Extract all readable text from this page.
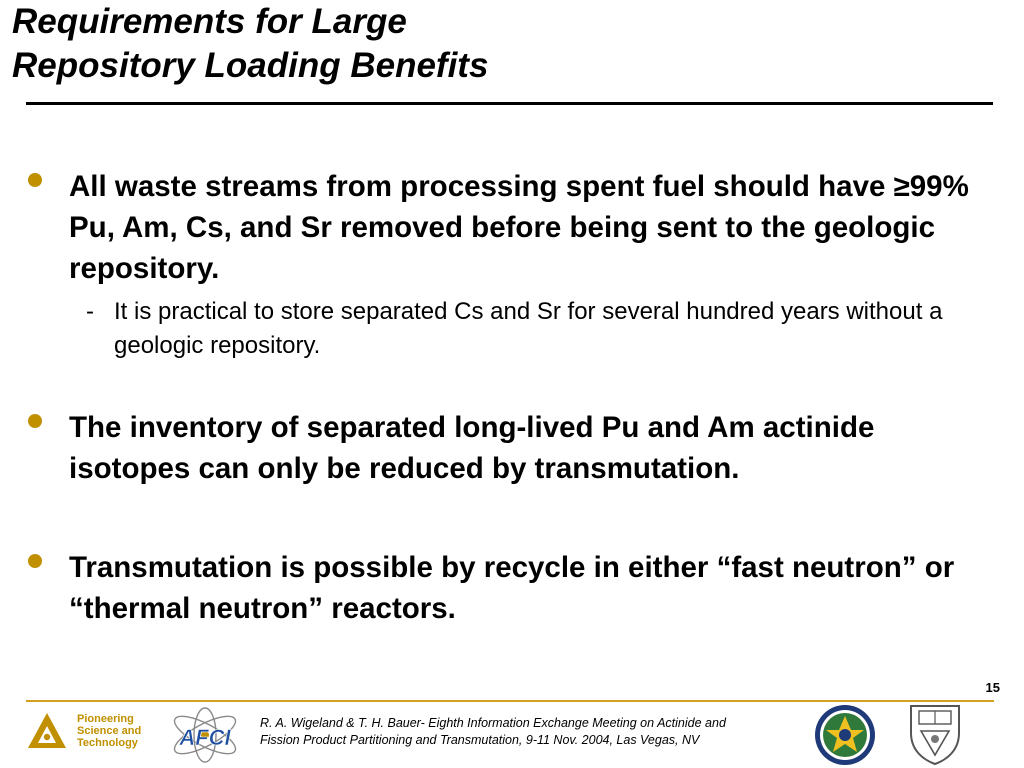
Requirements for Large
Repository Loading Benefits
All waste streams from processing spent fuel should have ≥99% Pu, Am, Cs, and Sr removed before being sent to the geologic repository.
- It is practical to store separated Cs and Sr for several hundred years without a geologic repository.
The inventory of separated long-lived Pu and Am actinide isotopes can only be reduced by transmutation.
Transmutation is possible by recycle in either “fast neutron” or “thermal neutron” reactors.
15
Pioneering
Science and
Technology	AFCI
R. A. Wigeland & T. H. Bauer- Eighth Information Exchange Meeting on Actinide and
Fission Product Partitioning and Transmutation, 9-11 Nov. 2004, Las Vegas, NV
